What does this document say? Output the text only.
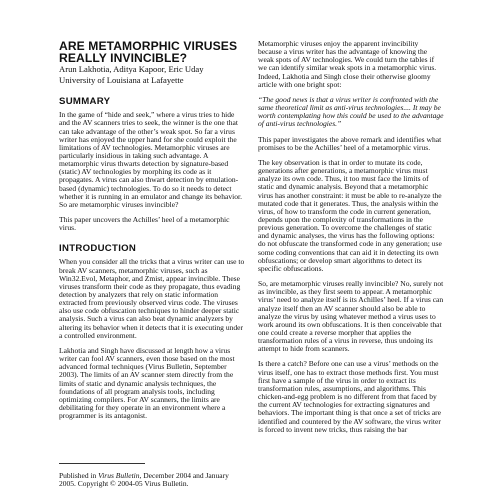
ARE METAMORPHIC VIRUSES REALLY INVINCIBLE?
Arun Lakhotia, Aditya Kapoor, Eric Uday
University of Louisiana at Lafayette
SUMMARY

In the game of “hide and seek,” where a virus tries to hide and the AV scanners tries to seek, the winner is the one that can take advantage of the other’s weak spot. So far a virus writer has enjoyed the upper hand for she could exploit the limitations of AV technologies. Metamorphic viruses are particularly insidious in taking such advantage. A metamorphic virus thwarts detection by signature-based (static) AV technologies by morphing its code as it propagates. A virus can also thwart detection by emulation-based (dynamic) technologies. To do so it needs to detect whether it is running in an emulator and change its behavior. So are metamorphic viruses invincible?

This paper uncovers the Achilles’ heel of a metamorphic virus.

INTRODUCTION

When you consider all the tricks that a virus writer can use to break AV scanners, metamorphic viruses, such as Win32.Evol, Metaphor, and Zmist, appear invincible. These viruses transform their code as they propagate, thus evading detection by analyzers that rely on static information extracted from previously observed virus code. The viruses also use code obfuscation techniques to hinder deeper static analysis. Such a virus can also beat dynamic analyzers by altering its behavior when it detects that it is executing under a controlled environment.

Lakhotia and Singh have discussed at length how a virus writer can fool AV scanners, even those based on the most advanced formal techniques (Virus Bulletin, September 2003). The limits of an AV scanner stem directly from the limits of static and dynamic analysis techniques, the foundations of all program analysis tools, including optimizing compilers. For AV scanners, the limits are debilitating for they operate in an environment where a programmer is its antagonist.

Published in Virus Bulletin, December 2004 and January 2005. Copyright © 2004-05 Virus Bulletin.

Metamorphic viruses enjoy the apparent invincibility because a virus writer has the advantage of knowing the weak spots of AV technologies. We could turn the tables if we can identify similar weak spots in a metamorphic virus. Indeed, Lakhotia and Singh close their otherwise gloomy article with one bright spot:

“The good news is that a virus writer is confronted with the same theoretical limit as anti-virus technologies.... It may be worth contemplating how this could be used to the advantage of anti-virus technologies.”

This paper investigates the above remark and identifies what promises to be the Achilles’ heel of a metamorphic virus.

The key observation is that in order to mutate its code, generations after generations, a metamorphic virus must analyze its own code. Thus, it too must face the limits of static and dynamic analysis. Beyond that a metamorphic virus has another constraint: it must be able to re-analyze the mutated code that it generates. Thus, the analysis within the virus, of how to transform the code in current generation, depends upon the complexity of transformations in the previous generation. To overcome the challenges of static and dynamic analyses, the virus has the following options: do not obfuscate the transformed code in any generation; use some coding conventions that can aid it in detecting its own obfuscations; or develop smart algorithms to detect its specific obfuscations.

So, are metamorphic viruses really invincible? No, surely not as invincible, as they first seem to appear. A metamorphic virus’ need to analyze itself is its Achilles’ heel. If a virus can analyze itself then an AV scanner should also be able to analyze the virus by using whatever method a virus uses to work around its own obfuscations. It is then conceivable that one could create a reverse morpher that applies the transformation rules of a virus in reverse, thus undoing its attempt to hide from scanners.

Is there a catch? Before one can use a virus’ methods on the virus itself, one has to extract those methods first. You must first have a sample of the virus in order to extract its transformation rules, assumptions, and algorithms. This chicken-and-egg problem is no different from that faced by the current AV technologies for extracting signatures and behaviors. The important thing is that once a set of tricks are identified and countered by the AV software, the virus writer is forced to invent new tricks, thus raising the bar
